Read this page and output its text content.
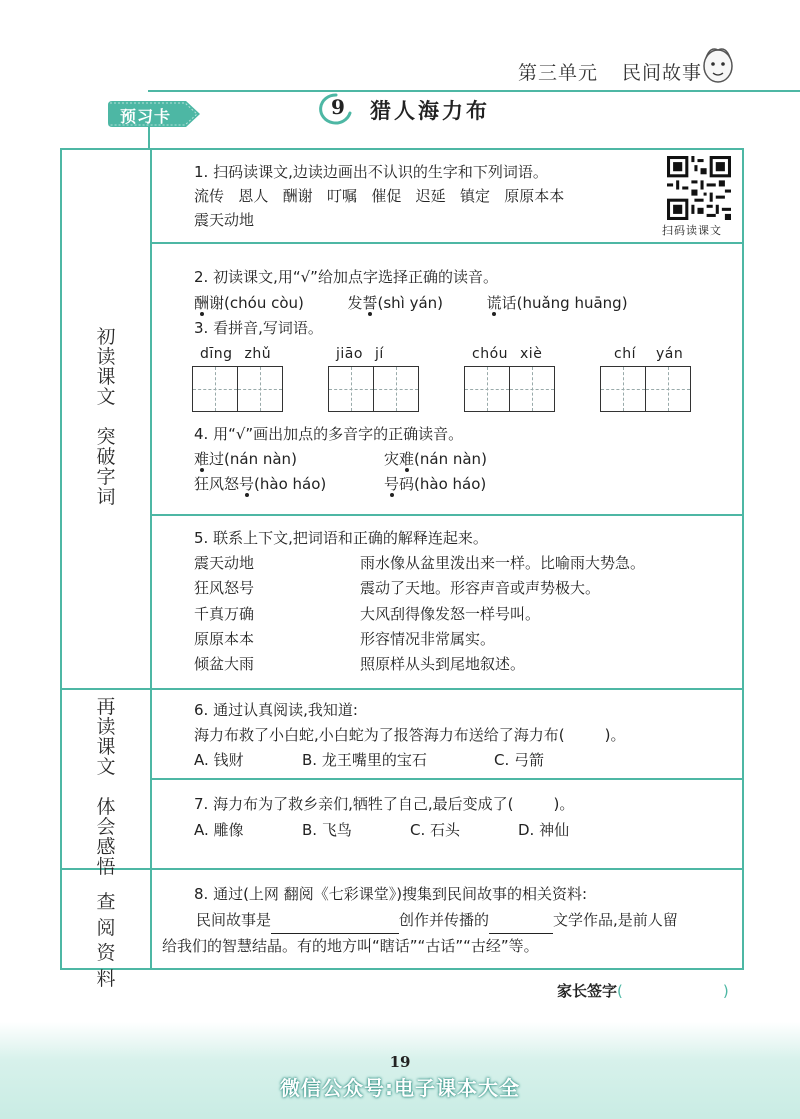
第三单元 民间故事
预习卡	9	猎人海力布
初
读
课
文
突
破
字
词
再
读
课
文
体
会
感
悟
查
阅
资
料
1. 扫码读课文,边读边画出不认识的生字和下列词语。
流传 恩人 酬谢 叮嘱 催促 迟延 镇定 原原本本
震天动地
扫码读课文
2. 初读课文,用“√”给加点字选择正确的读音。
酬谢(chóu còu)	发誓(shì yán)	谎话(huǎng huāng)
3. 看拼音,写词语。
dīng zhǔ	jiāo jí	chóu xiè	chí yán
4. 用“√”画出加点的多音字的正确读音。
难过(nán nàn)	灾难(nán nàn)
狂风怒号(hào háo)	号码(hào háo)
5. 联系上下文,把词语和正确的解释连起来。
震天动地	雨水像从盆里泼出来一样。比喻雨大势急。
狂风怒号	震动了天地。形容声音或声势极大。
千真万确	大风刮得像发怒一样号叫。
原原本本	形容情况非常属实。
倾盆大雨	照原样从头到尾地叙述。
6. 通过认真阅读,我知道:
海力布救了小白蛇,小白蛇为了报答海力布送给了海力布(	)。
A. 钱财	B. 龙王嘴里的宝石	C. 弓箭
7. 海力布为了救乡亲们,牺牲了自己,最后变成了(	)。
A. 雕像	B. 飞鸟	C. 石头	D. 神仙
8. 通过(上网 翻阅《七彩课堂》)搜集到民间故事的相关资料:
民间故事是	创作并传播的	文学作品,是前人留
给我们的智慧结晶。有的地方叫“瞎话”“古话”“古经”等。
家长签字(	)
19
微信公众号:电子课本大全
